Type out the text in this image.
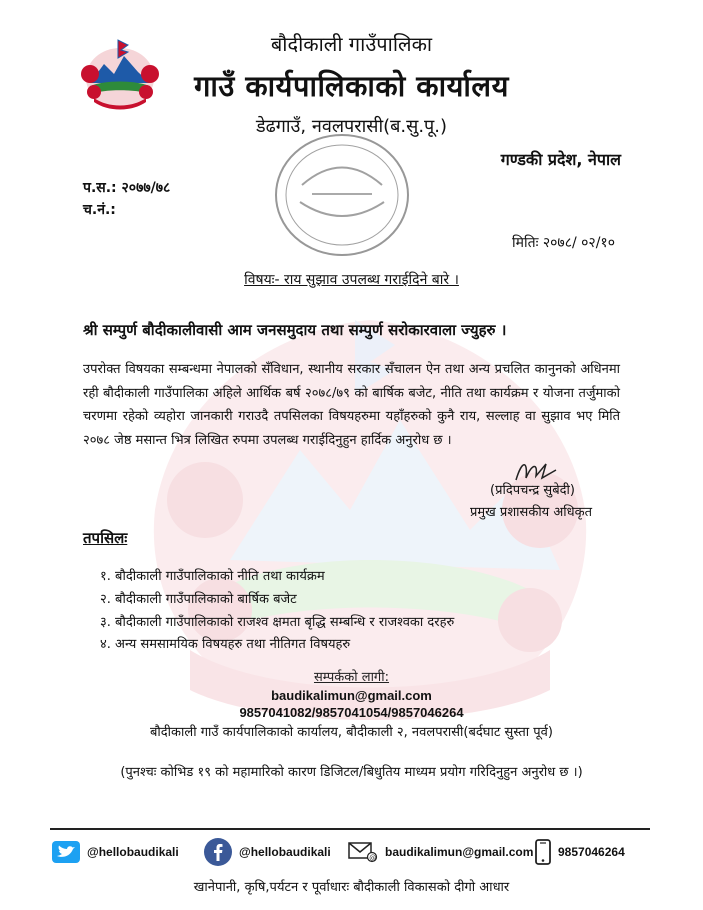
बौदीकाली गाउँपालिका
गाउँ कार्यपालिकाको कार्यालय
डेढगाउँ, नवलपरासी(ब.सु.पू.)
गण्डकी प्रदेश, नेपाल
प.स.: २०७७/७८
च.नं.:
मितिः २०७८/ ०२/१०
विषयः- राय सुझाव उपलब्ध गराईदिने बारे ।
श्री सम्पुर्ण बौदीकालीवासी आम जनसमुदाय तथा सम्पुर्ण सरोकारवाला ज्युहरु ।
उपरोक्त विषयका सम्बन्धमा नेपालको सँविधान, स्थानीय सरकार सँचालन ऐन तथा अन्य प्रचलित कानुनको अधिनमा रही बौदीकाली गाउँपालिका अहिले आर्थिक बर्ष २०७८/७९ को बार्षिक बजेट, नीति तथा कार्यक्रम र योजना तर्जुमाको चरणमा रहेको व्यहोरा जानकारी गराउदै तपसिलका विषयहरुमा यहाँहरुको कुनै राय, सल्लाह वा सुझाव भए मिति २०७८ जेष्ठ मसान्त भित्र लिखित रुपमा उपलब्ध गराईदिनुहुन हार्दिक अनुरोध छ ।
(प्रदिपचन्द्र सुबेदी)
प्रमुख प्रशासकीय अधिकृत
तपसिलः
१. बौदीकाली गाउँपालिकाको नीति तथा कार्यक्रम
२. बौदीकाली गाउँपालिकाको बार्षिक बजेट
३. बौदीकाली गाउँपालिकाको राजश्व क्षमता बृद्धि सम्बन्धि र राजश्वका दरहरु
४. अन्य समसामयिक विषयहरु तथा नीतिगत विषयहरु
सम्पर्कको लागी:
baudikalimun@gmail.com
9857041082/9857041054/9857046264
बौदीकाली गाउँ कार्यपालिकाको कार्यालय, बौदीकाली २, नवलपरासी(बर्दघाट सुस्ता पूर्व)
(पुनश्चः कोभिड १९ को महामारिको कारण डिजिटल/बिधुतिय माध्यम प्रयोग गरिदिनुहुन अनुरोध छ ।)
@hellobaudikali	@hellobaudikali	@ baudikalimun@gmail.com 9857046264
खानेपानी, कृषि,पर्यटन र पूर्वाधारः बौदीकाली विकासको दीगो आधार
